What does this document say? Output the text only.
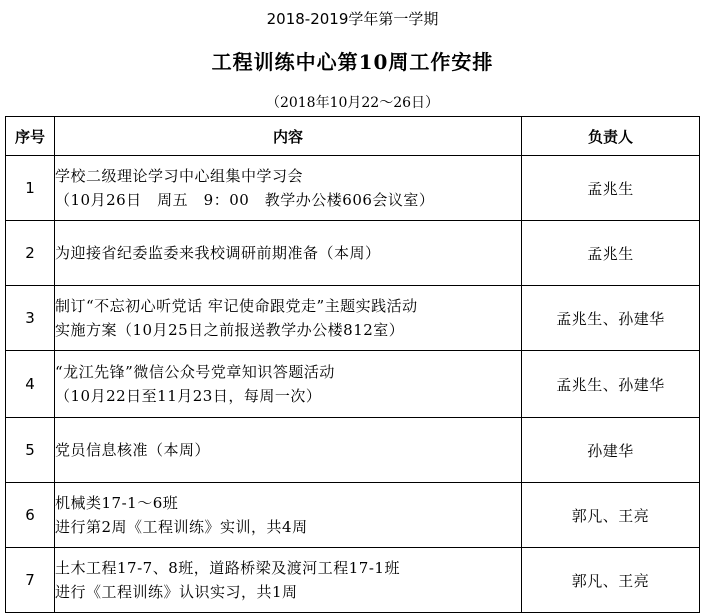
2018-2019学年第一学期
工程训练中心第10周工作安排
（2018年10月22～26日）
序号	内容	负责人
1	学校二级理论学习中心组集中学习会
（10月26日　周五　9：00　教学办公楼606会议室）	孟兆生
2	为迎接省纪委监委来我校调研前期准备（本周）	孟兆生
3	制订“不忘初心听党话 牢记使命跟党走”主题实践活动
实施方案（10月25日之前报送教学办公楼812室）	孟兆生、孙建华
4	“龙江先锋”微信公众号党章知识答题活动
（10月22日至11月23日，每周一次）	孟兆生、孙建华
5	党员信息核准（本周）	孙建华
6	机械类17-1～6班
进行第2周《工程训练》实训，共4周	郭凡、王亮
7	土木工程17-7、8班，道路桥梁及渡河工程17-1班
进行《工程训练》认识实习，共1周	郭凡、王亮
